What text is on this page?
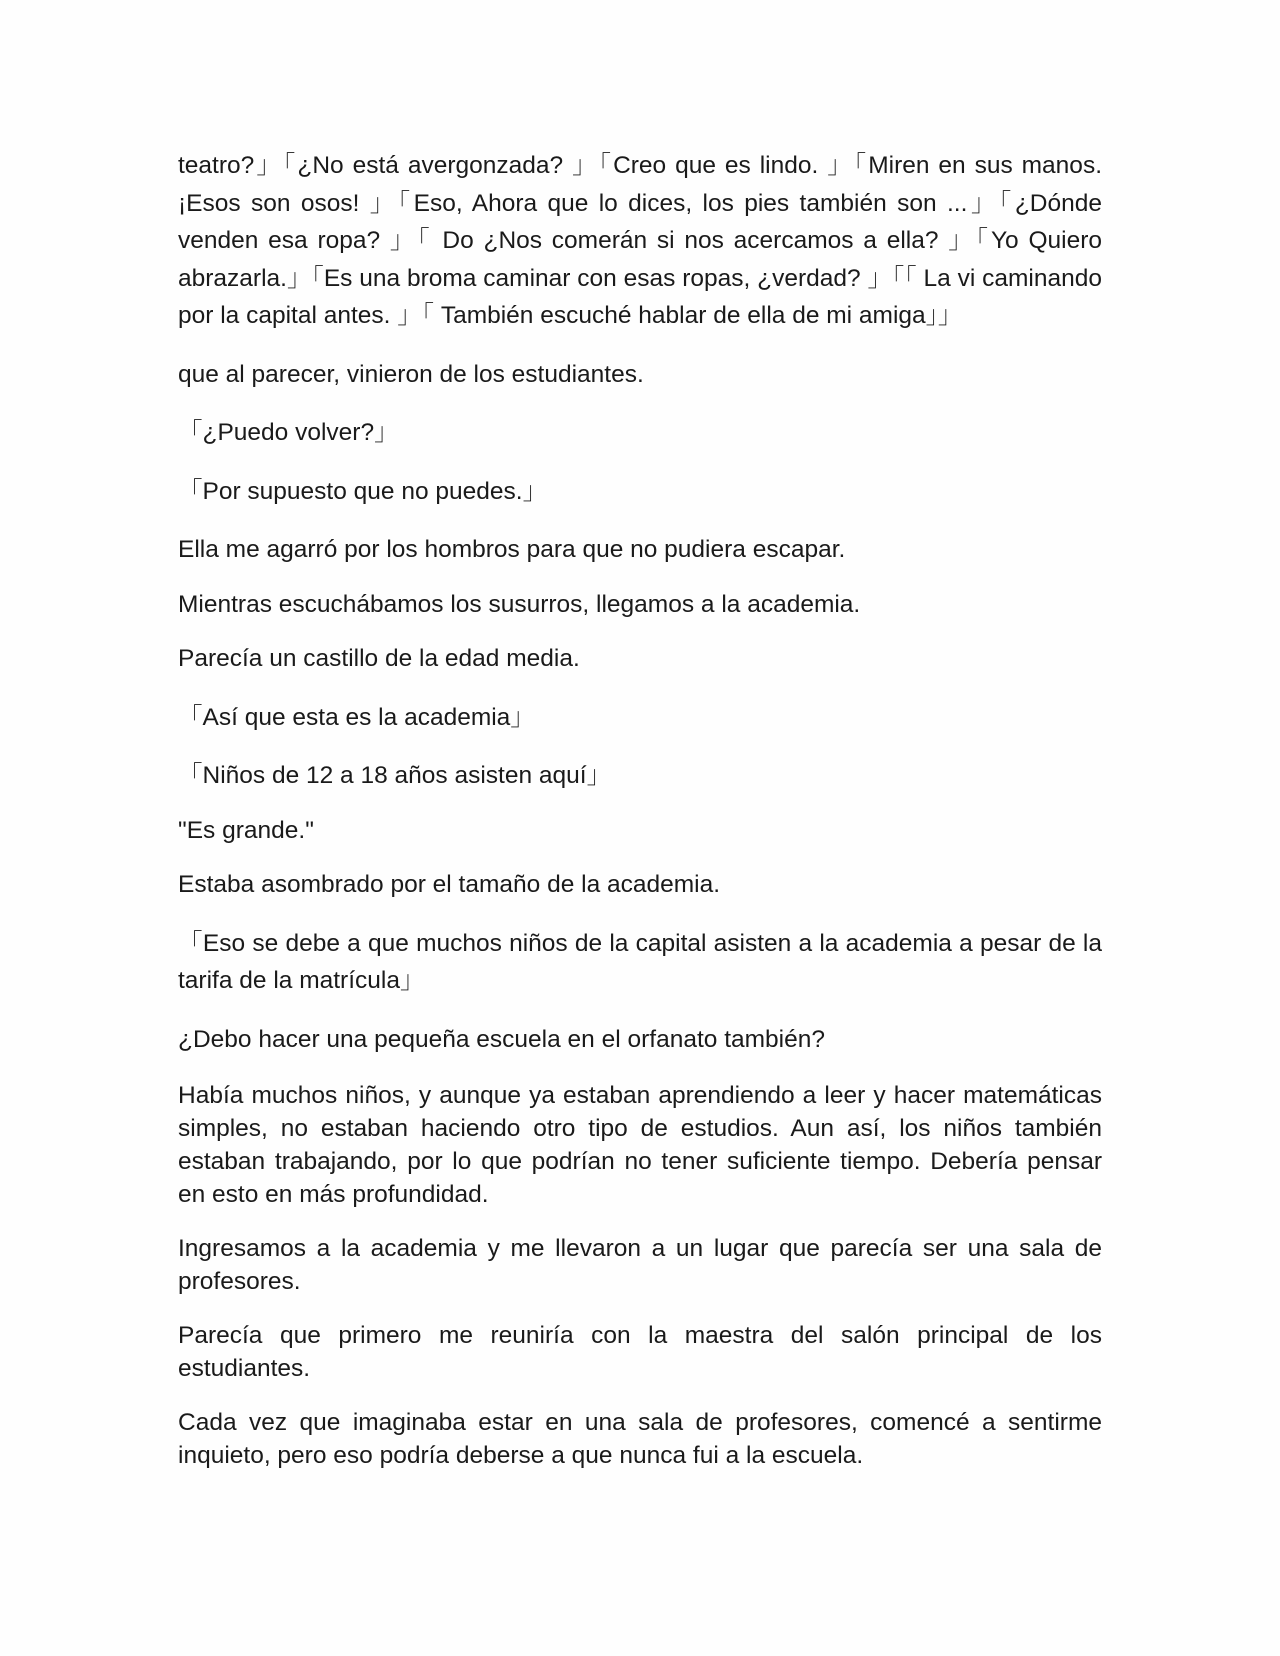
teatro?」「¿No está avergonzada? 」「Creo que es lindo. 」「Miren en sus manos. ¡Esos son osos! 」「Eso, Ahora que lo dices, los pies también son ...」「¿Dónde venden esa ropa? 」「 Do ¿Nos comerán si nos acercamos a ella? 」「Yo Quiero abrazarla.」「Es una broma caminar con esas ropas, ¿verdad? 」「「 La vi caminando por la capital antes. 」「 También escuché hablar de ella de mi amiga」」

que al parecer, vinieron de los estudiantes.

「¿Puedo volver?」

「Por supuesto que no puedes.」

Ella me agarró por los hombros para que no pudiera escapar.

Mientras escuchábamos los susurros, llegamos a la academia.

Parecía un castillo de la edad media.

「Así que esta es la academia」

「Niños de 12 a 18 años asisten aquí」

"Es grande."

Estaba asombrado por el tamaño de la academia.

「Eso se debe a que muchos niños de la capital asisten a la academia a pesar de la tarifa de la matrícula」

¿Debo hacer una pequeña escuela en el orfanato también?

Había muchos niños, y aunque ya estaban aprendiendo a leer y hacer matemáticas simples, no estaban haciendo otro tipo de estudios. Aun así, los niños también estaban trabajando, por lo que podrían no tener suficiente tiempo. Debería pensar en esto en más profundidad.

Ingresamos a la academia y me llevaron a un lugar que parecía ser una sala de profesores.

Parecía que primero me reuniría con la maestra del salón principal de los estudiantes.

Cada vez que imaginaba estar en una sala de profesores, comencé a sentirme inquieto, pero eso podría deberse a que nunca fui a la escuela.
